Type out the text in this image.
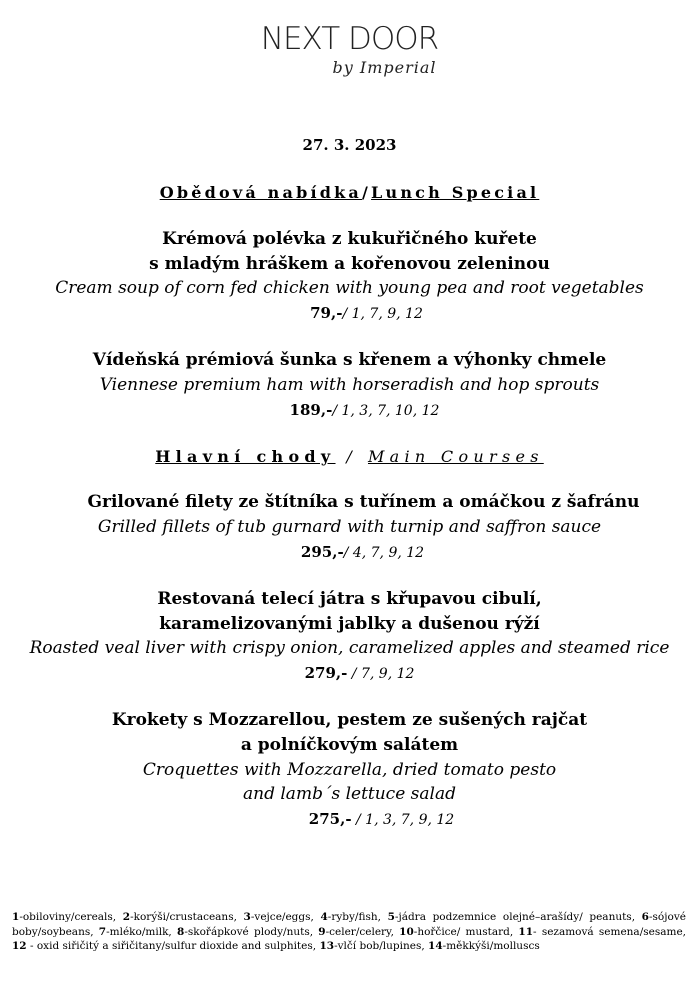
NEXT DOOR
by Imperial
27. 3. 2023
Obědová nabídka/Lunch Special
Krémová polévka z kukuřičného kuřete
s mladým hráškem a kořenovou zeleninou
Cream soup of corn fed chicken with young pea and root vegetables
79,-/ 1, 7, 9, 12
Vídeňská prémiová šunka s křenem a výhonky chmele
Viennese premium ham with horseradish and hop sprouts
189,-/ 1, 3, 7, 10, 12
Hlavní chody / Main Courses
Grilované filety ze štítníka s tuřínem a omáčkou z šafránu
Grilled fillets of tub gurnard with turnip and saffron sauce
295,-/ 4, 7, 9, 12
Restovaná telecí játra s křupavou cibulí,
karamelizovanými jablky a dušenou rýží
Roasted veal liver with crispy onion, caramelized apples and steamed rice
279,- / 7, 9, 12
Krokety s Mozzarellou, pestem ze sušených rajčat
a polníčkovým salátem
Croquettes with Mozzarella, dried tomato pesto
and lamb´s lettuce salad
275,- / 1, 3, 7, 9, 12
1-obiloviny/cereals, 2-korýši/crustaceans, 3-vejce/eggs, 4-ryby/fish, 5-jádra podzemnice olejné–arašídy/ peanuts, 6-sójové boby/soybeans, 7-mléko/milk, 8-skořápkové plody/nuts, 9-celer/celery, 10-hořčice/ mustard, 11- sezamová semena/sesame, 12 - oxid siřičitý a siřičitany/sulfur dioxide and sulphites, 13-vlčí bob/lupines, 14-měkkýši/molluscs
